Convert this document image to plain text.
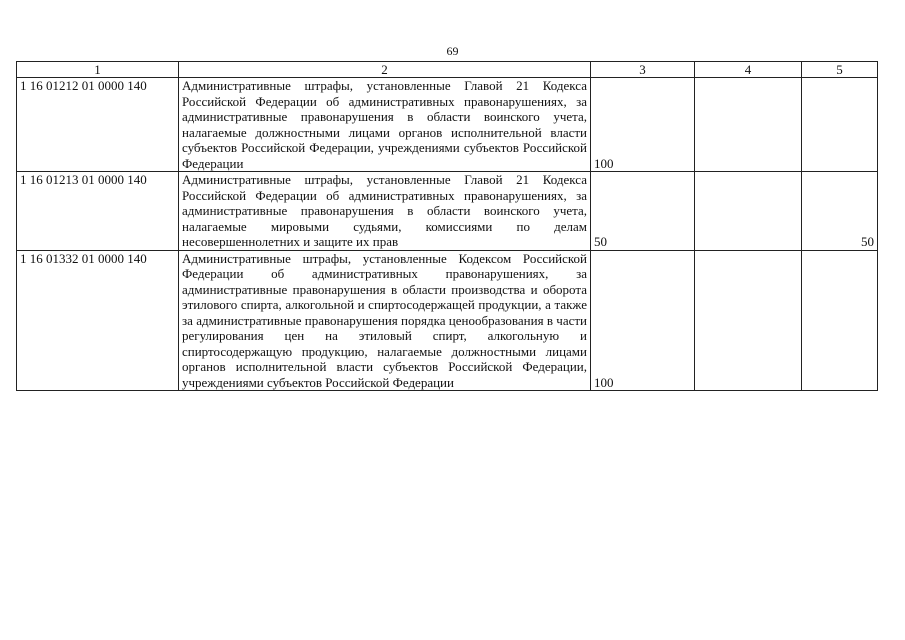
69
1	2	3	4	5
1 16 01212 01 0000 140	Административные штрафы, установленные Главой 21 Кодекса Российской Федерации об административных правонарушениях, за административные правонарушения в области воинского учета, налагаемые должностными лицами органов исполнительной власти субъектов Российской Федерации, учреждениями субъектов Российской Федерации	100		
1 16 01213 01 0000 140	Административные штрафы, установленные Главой 21 Кодекса Российской Федерации об административных правонарушениях, за административные правонарушения в области воинского учета, налагаемые мировыми судьями, комиссиями по делам несовершеннолетних и защите их прав	50		50
1 16 01332 01 0000 140	Административные штрафы, установленные Кодексом Российской Федерации об административных правонарушениях, за административные правонарушения в области производства и оборота этилового спирта, алкогольной и спиртосодержащей продукции, а также за административные правонарушения порядка ценообразования в части регулирования цен на этиловый спирт, алкогольную и спиртосодержащую продукцию, налагаемые должностными лицами органов исполнительной власти субъектов Российской Федерации, учреждениями субъектов Российской Федерации	100		
